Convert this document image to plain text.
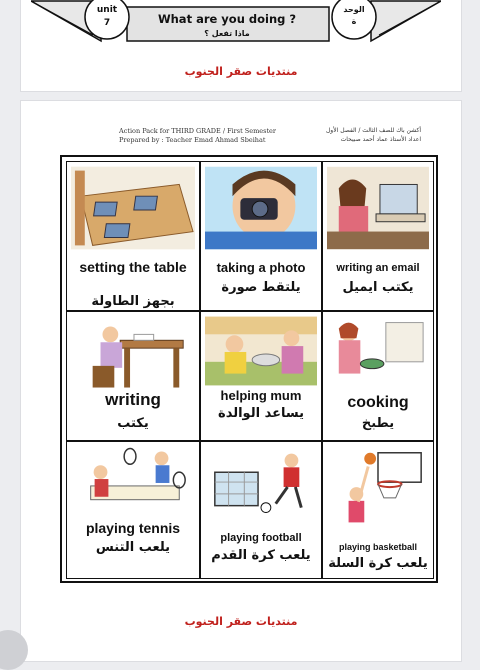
unit
7
الوحد
ة
What are you doing ?
ماذا تفعل ؟
منتديات صقر الجنوب
Action Pack for THIRD GRADE / First Semester
Prepared by : Teacher Emad Ahmad Sbeihat
أكشن باك للصف الثالث / الفصل الأول
اعداد الأستاذ عماد أحمد صبيحات
setting the table
بجهز الطاولة
taking a photo
يلتقط صورة
writing an email
يكتب ايميل
writing
يكتب
helping mum
يساعد الوالدة
cooking
يطبخ
playing tennis
يلعب التنس
playing football
يلعب كرة القدم
playing basketball
يلعب كرة السلة
منتديات صقر الجنوب
